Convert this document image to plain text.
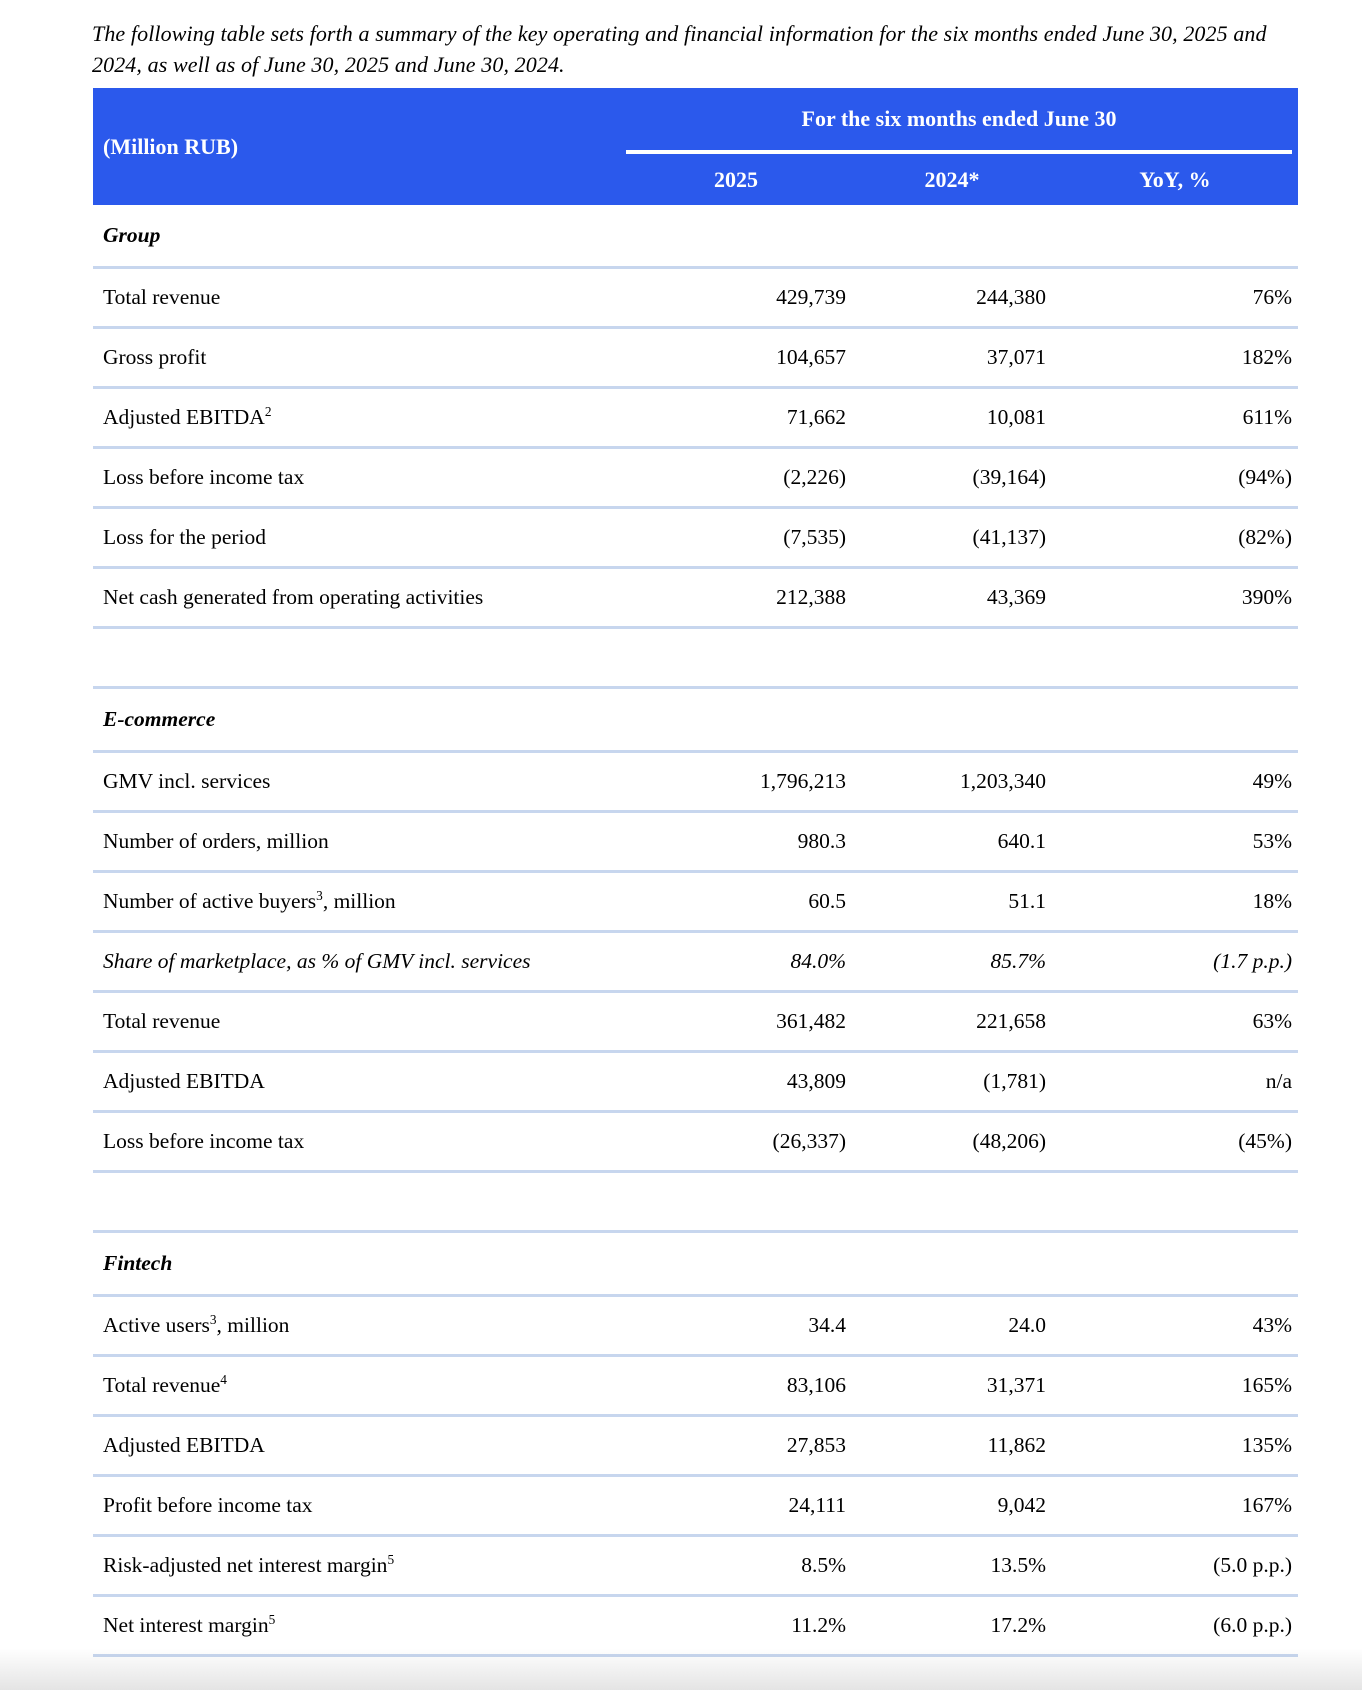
The following table sets forth a summary of the key operating and financial information for the six months ended June 30, 2025 and 2024, as well as of June 30, 2025 and June 30, 2024.

(Million RUB)
For the six months ended June 30
2025	2024*	YoY, %
Group
Total revenue	429,739	244,380	76%
Gross profit	104,657	37,071	182%
Adjusted EBITDA$^2$	71,662	10,081	611%
Loss before income tax	(2,226)	(39,164)	(94%)
Loss for the period	(7,535)	(41,137)	(82%)
Net cash generated from operating activities	212,388	43,369	390%
E-commerce
GMV incl. services	1,796,213	1,203,340	49%
Number of orders, million	980.3	640.1	53%
Number of active buyers$^3$, million	60.5	51.1	18%
Share of marketplace, as % of GMV incl. services	84.0%	85.7%	(1.7 p.p.)
Total revenue	361,482	221,658	63%
Adjusted EBITDA	43,809	(1,781)	n/a
Loss before income tax	(26,337)	(48,206)	(45%)
Fintech
Active users$^3$, million	34.4	24.0	43%
Total revenue$^4$	83,106	31,371	165%
Adjusted EBITDA	27,853	11,862	135%
Profit before income tax	24,111	9,042	167%
Risk-adjusted net interest margin$^5$	8.5%	13.5%	(5.0 p.p.)
Net interest margin$^5$	11.2%	17.2%	(6.0 p.p.)
